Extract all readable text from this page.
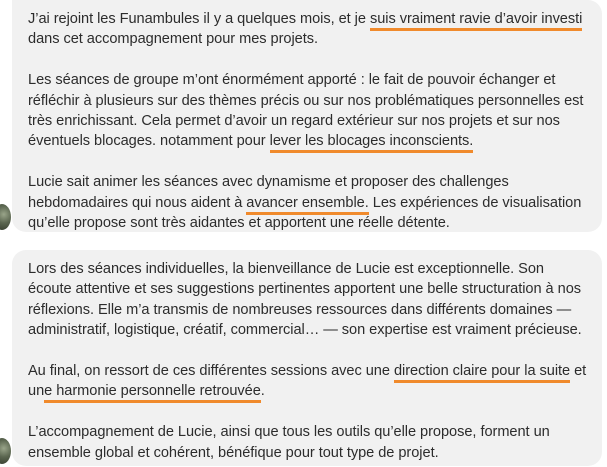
J’ai rejoint les Funambules il y a quelques mois, et je suis vraiment ravie d’avoir investi dans cet accompagnement pour mes projets.

Les séances de groupe m’ont énormément apporté : le fait de pouvoir échanger et réfléchir à plusieurs sur des thèmes précis ou sur nos problématiques personnelles est très enrichissant. Cela permet d’avoir un regard extérieur sur nos projets et sur nos éventuels blocages. notamment pour lever les blocages inconscients.

Lucie sait animer les séances avec dynamisme et proposer des challenges hebdomadaires qui nous aident à avancer ensemble. Les expériences de visualisation qu’elle propose sont très aidantes et apportent une réelle détente.

Lors des séances individuelles, la bienveillance de Lucie est exceptionnelle. Son écoute attentive et ses suggestions pertinentes apportent une belle structuration à nos réflexions. Elle m’a transmis de nombreuses ressources dans différents domaines — administratif, logistique, créatif, commercial… — son expertise est vraiment précieuse.

Au final, on ressort de ces différentes sessions avec une direction claire pour la suite et une harmonie personnelle retrouvée.

L’accompagnement de Lucie, ainsi que tous les outils qu’elle propose, forment un ensemble global et cohérent, bénéfique pour tout type de projet.
